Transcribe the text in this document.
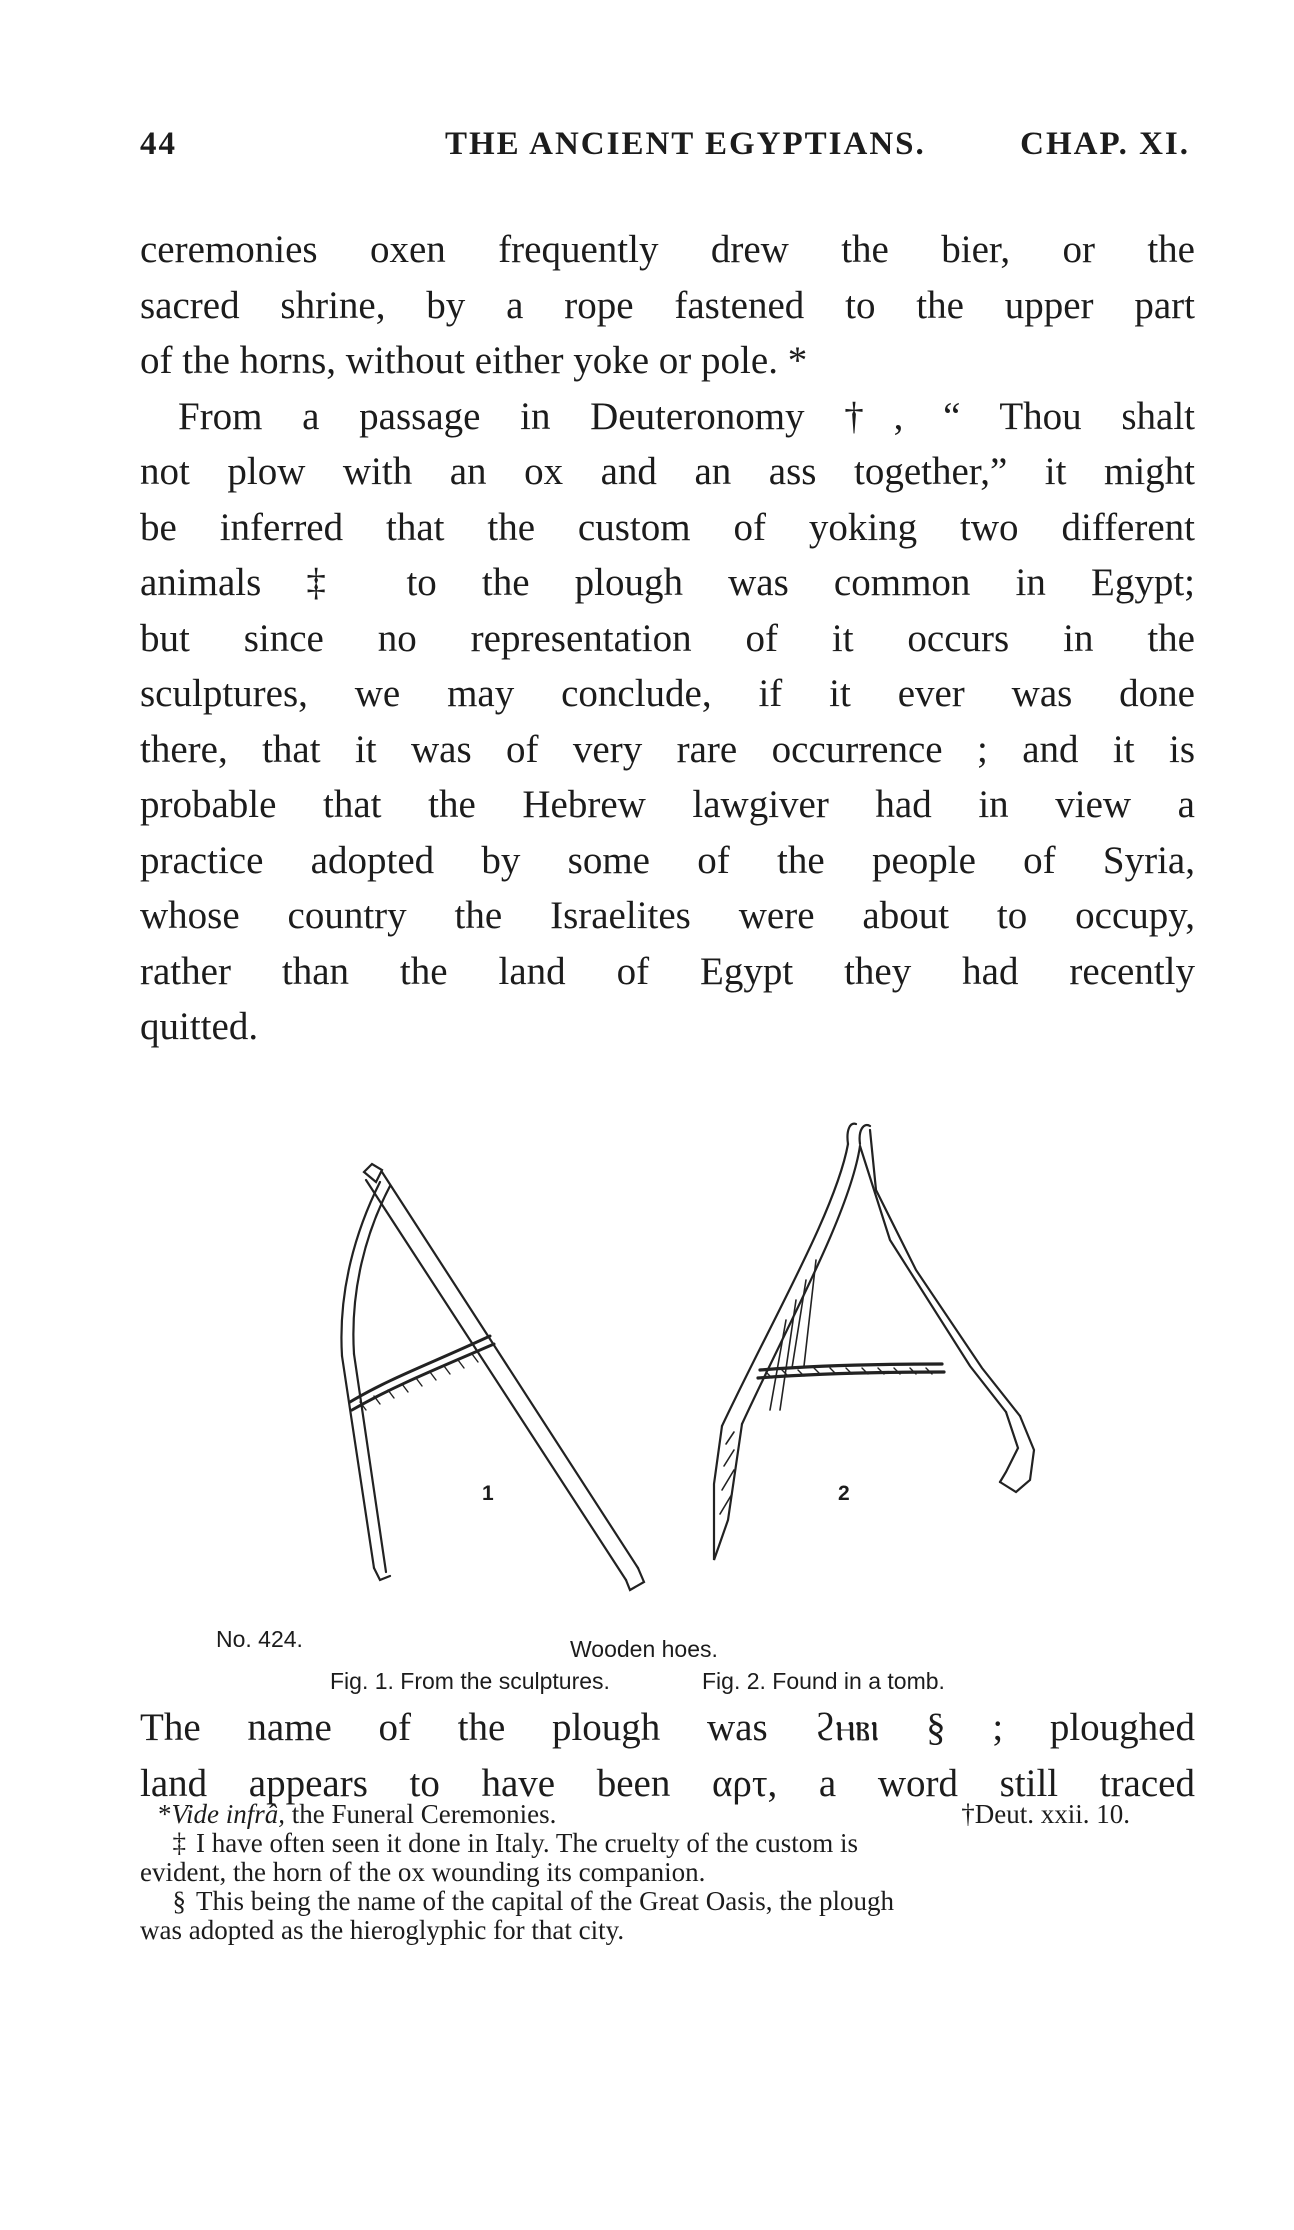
44	THE ANCIENT EGYPTIANS.	CHAP. XI.
ceremonies oxen frequently drew the bier, or the
sacred shrine, by a rope fastened to the upper part
of the horns, without either yoke or pole. *
From a passage in Deuteronomy †, “ Thou shalt
not plow with an ox and an ass together,” it might
be inferred that the custom of yoking two different
animals ‡ to the plough was common in Egypt;
but since no representation of it occurs in the
sculptures, we may conclude, if it ever was done
there, that it was of very rare occurrence ; and it is
probable that the Hebrew lawgiver had in view a
practice adopted by some of the people of Syria,
whose country the Israelites were about to occupy,
rather than the land of Egypt they had recently
quitted.
1	2
No. 424.	Wooden hoes.
Fig. 1. From the sculptures.	Fig. 2. Found in a tomb.
The name of the plough was ϩⲏⲃⲓ § ; ploughed
land appears to have been αρτ, a word still traced
*Vide infrâ, the Funeral Ceremonies.	†Deut. xxii. 10.
‡ I have often seen it done in Italy. The cruelty of the custom is
evident, the horn of the ox wounding its companion.
§ This being the name of the capital of the Great Oasis, the plough
was adopted as the hieroglyphic for that city.
